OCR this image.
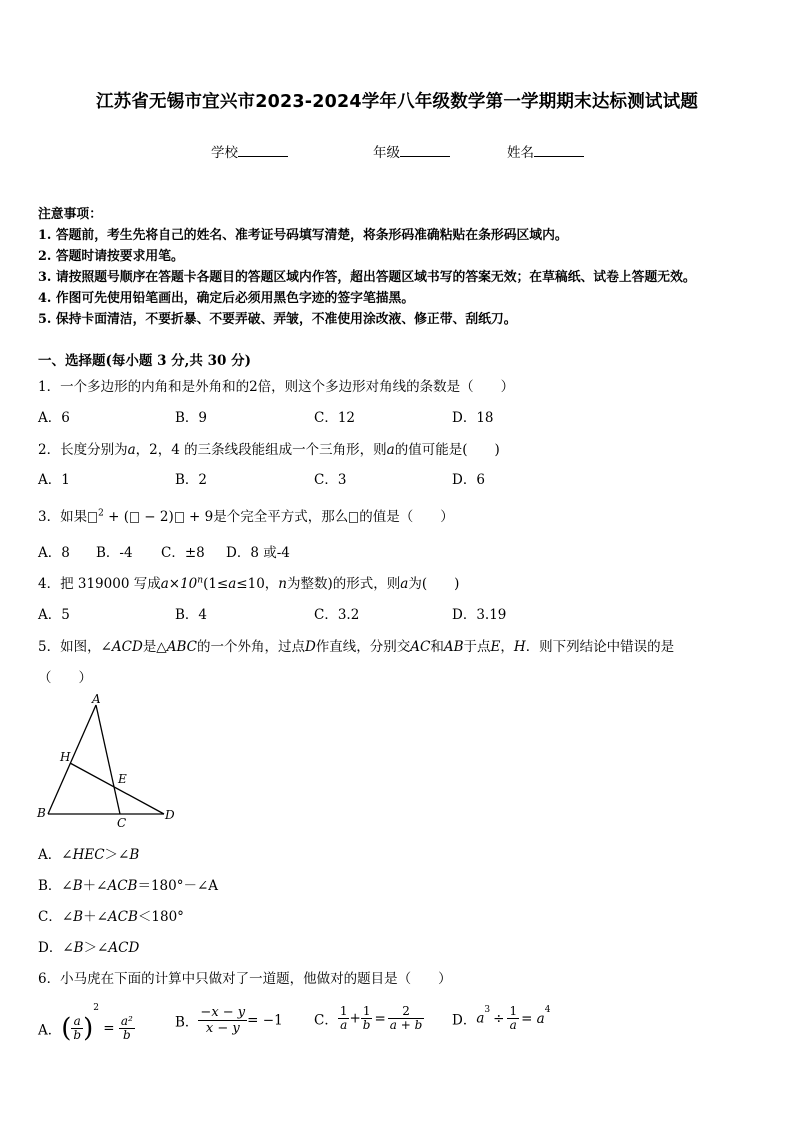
江苏省无锡市宜兴市2023-2024学年八年级数学第一学期期末达标测试试题
学校	年级	姓名
注意事项：
1. 答题前，考生先将自己的姓名、准考证号码填写清楚，将条形码准确粘贴在条形码区域内。
2. 答题时请按要求用笔。
3. 请按照题号顺序在答题卡各题目的答题区域内作答，超出答题区域书写的答案无效；在草稿纸、试卷上答题无效。
4. 作图可先使用铅笔画出，确定后必须用黑色字迹的签字笔描黑。
5. 保持卡面清洁，不要折暴、不要弄破、弄皱，不准使用涂改液、修正带、刮纸刀。
一、选择题(每小题 3 分,共 30 分)
1．一个多边形的内角和是外角和的2倍，则这个多边形对角线的条数是（　　）
A．6	B．9	C．12	D．18
2．长度分别为a，2，4 的三条线段能组成一个三角形，则a的值可能是(　　)
A．1	B．2	C．3	D．6
3．如果 $^2$ + ( − 2) + 9是个完全平方式，那么 的值是（　　）
A．8 B．-4 C．±8 D．8 或-4
4．把 319000 写成$a\times 10^n(1\le a\le 10$，n为整数)的形式，则a为(　　)
A．5	B．4	C．3.2	D．3.19
5．如图，∠ACD是△ABC的一个外角，过点D作直线，分别交AC和AB于点E，H．则下列结论中错误的是
（　　）
A
B
C
D
E
H
A．∠HEC＞∠B
B．∠B＋∠ACB＝180°－∠A
C．∠B＋∠ACB＜180°
D．∠B＞∠ACD
6．小马虎在下面的计算中只做对了一道题，他做对的题目是（　　）
A．( $\frac{a}{b} )^2 = \frac{\text{a²}}{b}$	B． $\frac{-x - y}{x - y} = -1$ C． $\frac{1}{a} + \frac{1}{b} = \frac{2}{a + b}$ D．$a^3\div \frac{1}{a} = a^4$
